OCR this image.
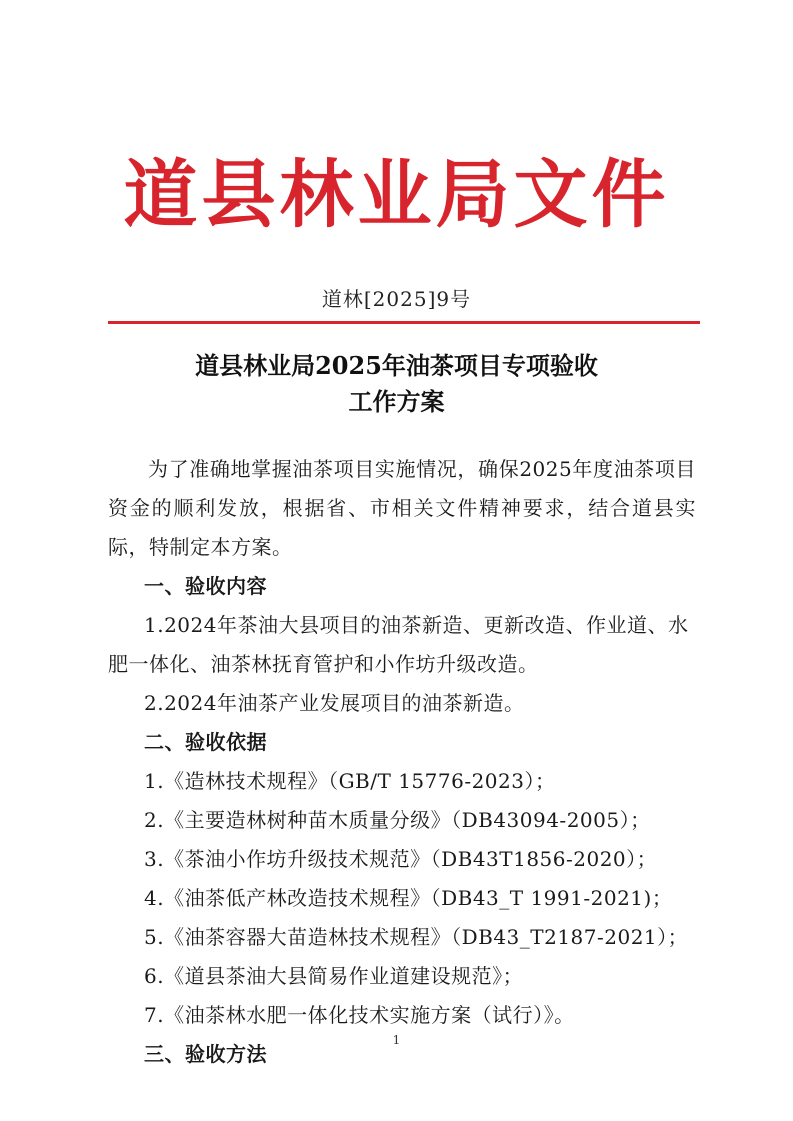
道县林业局文件
道林[2025]9号
道县林业局2025年油茶项目专项验收
工作方案

为了准确地掌握油茶项目实施情况，确保2025年度油茶项目资金的顺利发放，根据省、市相关文件精神要求，结合道县实际，特制定本方案。

一、验收内容

1.2024年茶油大县项目的油茶新造、更新改造、作业道、水肥一体化、油茶林抚育管护和小作坊升级改造。

2.2024年油茶产业发展项目的油茶新造。

二、验收依据

1.《造林技术规程》（GB/T 15776-2023）；

2.《主要造林树种苗木质量分级》（DB43094-2005）；

3.《茶油小作坊升级技术规范》（DB43T1856-2020）；

4.《油茶低产林改造技术规程》（DB43_T 1991-2021)；

5.《油茶容器大苗造林技术规程》（DB43_T2187-2021）；

6.《道县茶油大县简易作业道建设规范》；

7.《油茶林水肥一体化技术实施方案（试行）》。

三、验收方法

1
